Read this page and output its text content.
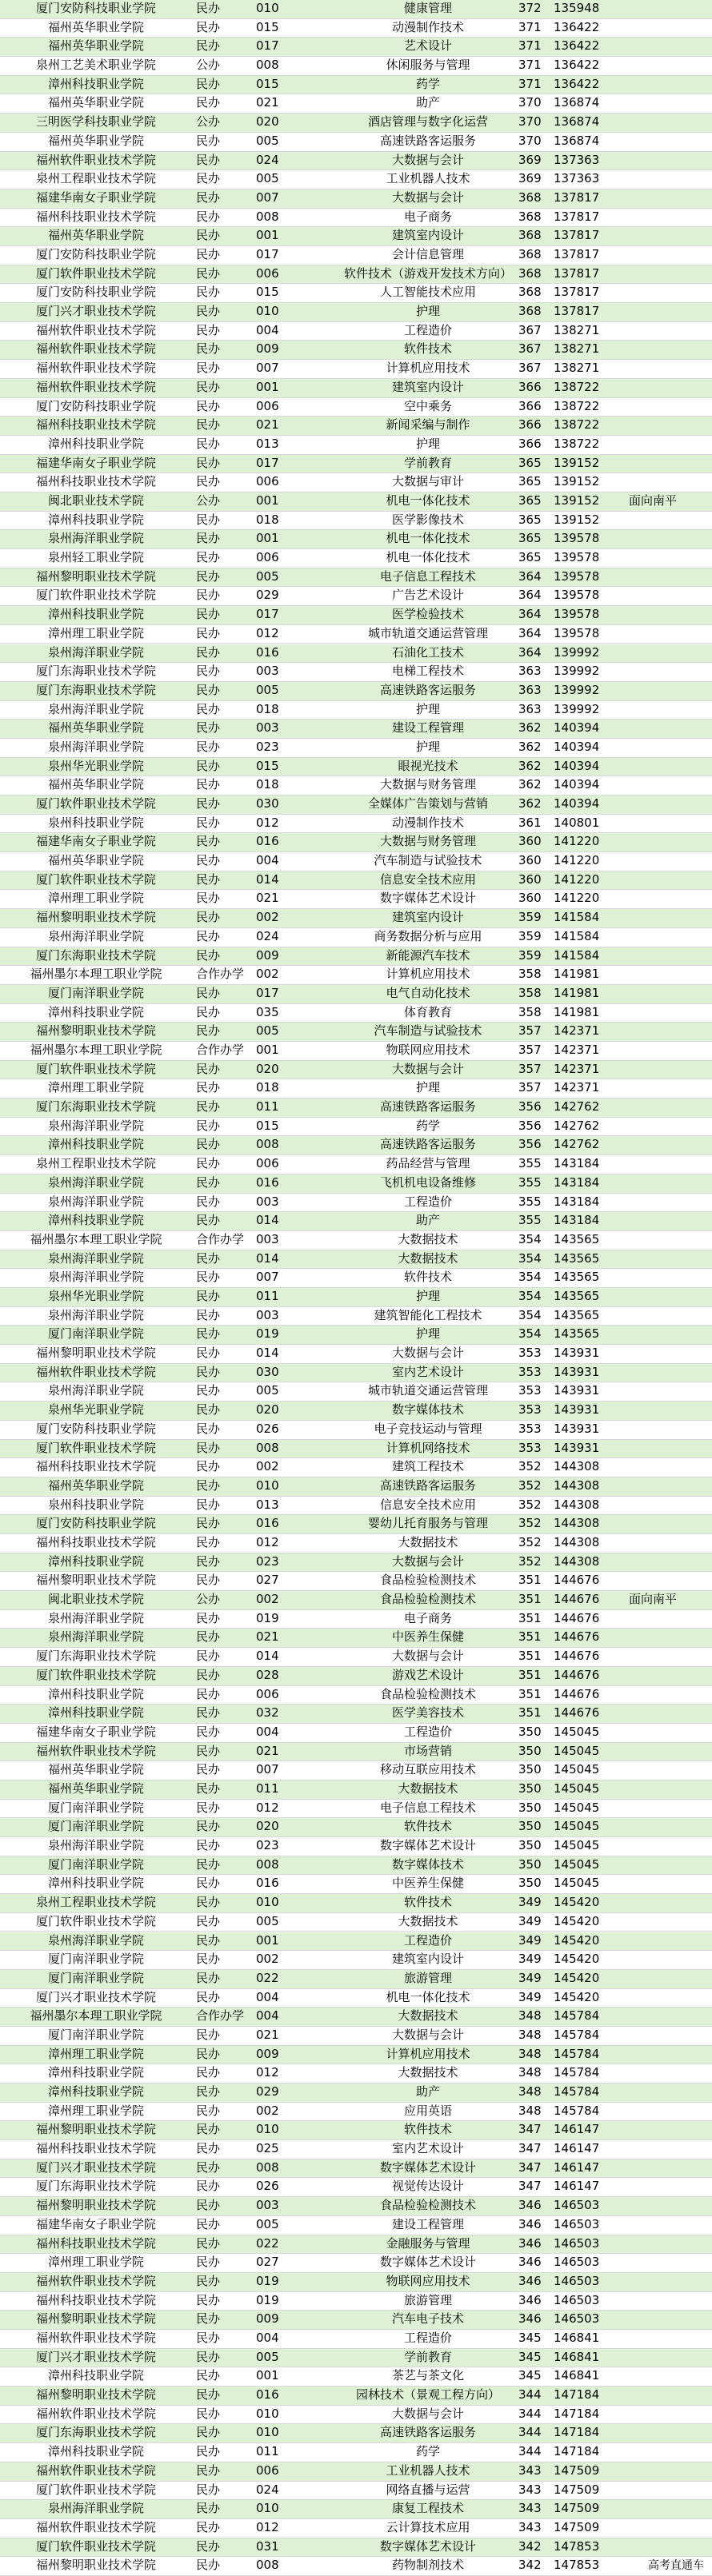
厦门安防科技职业学院	民办	010	健康管理	372 135948
福州英华职业学院	民办	015	动漫制作技术	371 136422
福州英华职业学院	民办	017	艺术设计	371 136422
泉州工艺美术职业学院	公办	008	休闲服务与管理	371 136422
漳州科技职业学院	民办	015	药学	371 136422
福州英华职业学院	民办	021	助产	370 136874
三明医学科技职业学院	公办	020	酒店管理与数字化运营	370 136874
福州英华职业学院	民办	005	高速铁路客运服务	370 136874
福州软件职业技术学院	民办	024	大数据与会计	369 137363
泉州工程职业技术学院	民办	005	工业机器人技术	369 137363
福建华南女子职业学院	民办	007	大数据与会计	368 137817
福州科技职业技术学院	民办	008	电子商务	368 137817
福州英华职业学院	民办	001	建筑室内设计	368 137817
厦门安防科技职业学院	民办	017	会计信息管理	368 137817
厦门软件职业技术学院	民办	006	软件技术（游戏开发技术方向） 368 137817
厦门安防科技职业学院	民办	015	人工智能技术应用	368 137817
厦门兴才职业技术学院	民办	010	护理	368 137817
福州软件职业技术学院	民办	004	工程造价	367 138271
福州软件职业技术学院	民办	009	软件技术	367 138271
福州软件职业技术学院	民办	007	计算机应用技术	367 138271
福州软件职业技术学院	民办	001	建筑室内设计	366 138722
厦门安防科技职业学院	民办	006	空中乘务	366 138722
福州科技职业技术学院	民办	021	新闻采编与制作	366 138722
漳州科技职业学院	民办	013	护理	366 138722
福建华南女子职业学院	民办	017	学前教育	365 139152
福州科技职业技术学院	民办	006	大数据与审计	365 139152
闽北职业技术学院	公办	001	机电一体化技术	365 139152	面向南平
漳州科技职业学院	民办	018	医学影像技术	365 139152
泉州海洋职业学院	民办	001	机电一体化技术	365 139578
泉州轻工职业学院	民办	006	机电一体化技术	365 139578
福州黎明职业技术学院	民办	005	电子信息工程技术	364 139578
厦门软件职业技术学院	民办	029	广告艺术设计	364 139578
漳州科技职业学院	民办	017	医学检验技术	364 139578
漳州理工职业学院	民办	012	城市轨道交通运营管理	364 139578
泉州海洋职业学院	民办	016	石油化工技术	364 139992
厦门东海职业技术学院	民办	003	电梯工程技术	363 139992
厦门东海职业技术学院	民办	005	高速铁路客运服务	363 139992
泉州海洋职业学院	民办	018	护理	363 139992
福州英华职业学院	民办	003	建设工程管理	362 140394
泉州海洋职业学院	民办	023	护理	362 140394
泉州华光职业学院	民办	015	眼视光技术	362 140394
福州英华职业学院	民办	018	大数据与财务管理	362 140394
厦门软件职业技术学院	民办	030	全媒体广告策划与营销	362 140394
泉州科技职业学院	民办	012	动漫制作技术	361 140801
福建华南女子职业学院	民办	016	大数据与财务管理	360 141220
福州英华职业学院	民办	004	汽车制造与试验技术	360 141220
厦门软件职业技术学院	民办	014	信息安全技术应用	360 141220
漳州理工职业学院	民办	021	数字媒体艺术设计	360 141220
福州黎明职业技术学院	民办	002	建筑室内设计	359 141584
泉州海洋职业学院	民办	024	商务数据分析与应用	359 141584
厦门东海职业技术学院	民办	009	新能源汽车技术	359 141584
福州墨尔本理工职业学院	合作办学 002	计算机应用技术	358 141981
厦门南洋职业学院	民办	017	电气自动化技术	358 141981
漳州科技职业学院	民办	035	体育教育	358 141981
福州黎明职业技术学院	民办	005	汽车制造与试验技术	357 142371
福州墨尔本理工职业学院	合作办学 001	物联网应用技术	357 142371
厦门软件职业技术学院	民办	020	大数据与会计	357 142371
漳州理工职业学院	民办	018	护理	357 142371
厦门东海职业技术学院	民办	011	高速铁路客运服务	356 142762
泉州海洋职业学院	民办	015	药学	356 142762
漳州科技职业学院	民办	008	高速铁路客运服务	356 142762
泉州工程职业技术学院	民办	006	药品经营与管理	355 143184
泉州海洋职业学院	民办	016	飞机机电设备维修	355 143184
泉州海洋职业学院	民办	003	工程造价	355 143184
漳州科技职业学院	民办	014	助产	355 143184
福州墨尔本理工职业学院	合作办学 003	大数据技术	354 143565
泉州海洋职业学院	民办	014	大数据技术	354 143565
泉州海洋职业学院	民办	007	软件技术	354 143565
泉州华光职业学院	民办	011	护理	354 143565
泉州海洋职业学院	民办	003	建筑智能化工程技术	354 143565
厦门南洋职业学院	民办	019	护理	354 143565
福州黎明职业技术学院	民办	014	大数据与会计	353 143931
福州软件职业技术学院	民办	030	室内艺术设计	353 143931
泉州海洋职业学院	民办	005	城市轨道交通运营管理	353 143931
泉州华光职业学院	民办	020	数字媒体技术	353 143931
厦门安防科技职业学院	民办	026	电子竞技运动与管理	353 143931
厦门软件职业技术学院	民办	008	计算机网络技术	353 143931
福州科技职业技术学院	民办	002	建筑工程技术	352 144308
福州英华职业学院	民办	010	高速铁路客运服务	352 144308
泉州科技职业学院	民办	013	信息安全技术应用	352 144308
厦门安防科技职业学院	民办	016	婴幼儿托育服务与管理	352 144308
福州科技职业技术学院	民办	012	大数据技术	352 144308
漳州科技职业学院	民办	023	大数据与会计	352 144308
福州黎明职业技术学院	民办	027	食品检验检测技术	351 144676
闽北职业技术学院	公办	002	食品检验检测技术	351 144676	面向南平
泉州海洋职业学院	民办	019	电子商务	351 144676
泉州海洋职业学院	民办	021	中医养生保健	351 144676
厦门东海职业技术学院	民办	014	大数据与会计	351 144676
厦门软件职业技术学院	民办	028	游戏艺术设计	351 144676
漳州科技职业学院	民办	006	食品检验检测技术	351 144676
漳州科技职业学院	民办	032	医学美容技术	351 144676
福建华南女子职业学院	民办	004	工程造价	350 145045
福州软件职业技术学院	民办	021	市场营销	350 145045
福州英华职业学院	民办	007	移动互联应用技术	350 145045
福州英华职业学院	民办	011	大数据技术	350 145045
厦门南洋职业学院	民办	012	电子信息工程技术	350 145045
厦门南洋职业学院	民办	020	软件技术	350 145045
泉州海洋职业学院	民办	023	数字媒体艺术设计	350 145045
厦门南洋职业学院	民办	008	数字媒体技术	350 145045
漳州科技职业学院	民办	016	中医养生保健	350 145045
泉州工程职业技术学院	民办	010	软件技术	349 145420
厦门软件职业技术学院	民办	005	大数据技术	349 145420
泉州海洋职业学院	民办	001	工程造价	349 145420
厦门南洋职业学院	民办	002	建筑室内设计	349 145420
厦门南洋职业学院	民办	022	旅游管理	349 145420
厦门兴才职业技术学院	民办	004	机电一体化技术	349 145420
福州墨尔本理工职业学院	合作办学 004	大数据技术	348 145784
厦门南洋职业学院	民办	021	大数据与会计	348 145784
漳州理工职业学院	民办	009	计算机应用技术	348 145784
漳州科技职业学院	民办	012	大数据技术	348 145784
漳州科技职业学院	民办	029	助产	348 145784
漳州理工职业学院	民办	002	应用英语	348 145784
福州黎明职业技术学院	民办	010	软件技术	347 146147
福州科技职业技术学院	民办	025	室内艺术设计	347 146147
厦门兴才职业技术学院	民办	008	数字媒体艺术设计	347 146147
厦门东海职业技术学院	民办	026	视觉传达设计	347 146147
福州黎明职业技术学院	民办	003	食品检验检测技术	346 146503
福建华南女子职业学院	民办	005	建设工程管理	346 146503
福州科技职业技术学院	民办	022	金融服务与管理	346 146503
漳州理工职业学院	民办	027	数字媒体艺术设计	346 146503
福州软件职业技术学院	民办	019	物联网应用技术	346 146503
福州科技职业技术学院	民办	019	旅游管理	346 146503
福州黎明职业技术学院	民办	009	汽车电子技术	346 146503
福州软件职业技术学院	民办	004	工程造价	345 146841
厦门兴才职业技术学院	民办	005	学前教育	345 146841
漳州科技职业学院	民办	001	茶艺与茶文化	345 146841
福州黎明职业技术学院	民办	016	园林技术（景观工程方向）	344 147184
福州软件职业技术学院	民办	010	大数据与会计	344 147184
厦门东海职业技术学院	民办	010	高速铁路客运服务	344 147184
漳州科技职业学院	民办	011	药学	344 147184
福州软件职业技术学院	民办	006	工业机器人技术	343 147509
厦门软件职业技术学院	民办	024	网络直播与运营	343 147509
泉州海洋职业学院	民办	010	康复工程技术	343 147509
福州软件职业技术学院	民办	012	云计算技术应用	343 147509
厦门软件职业技术学院	民办	031	数字媒体艺术设计	342 147853
福州黎明职业技术学院	民办	008	药物制剂技术	342 147853	高考直通车
